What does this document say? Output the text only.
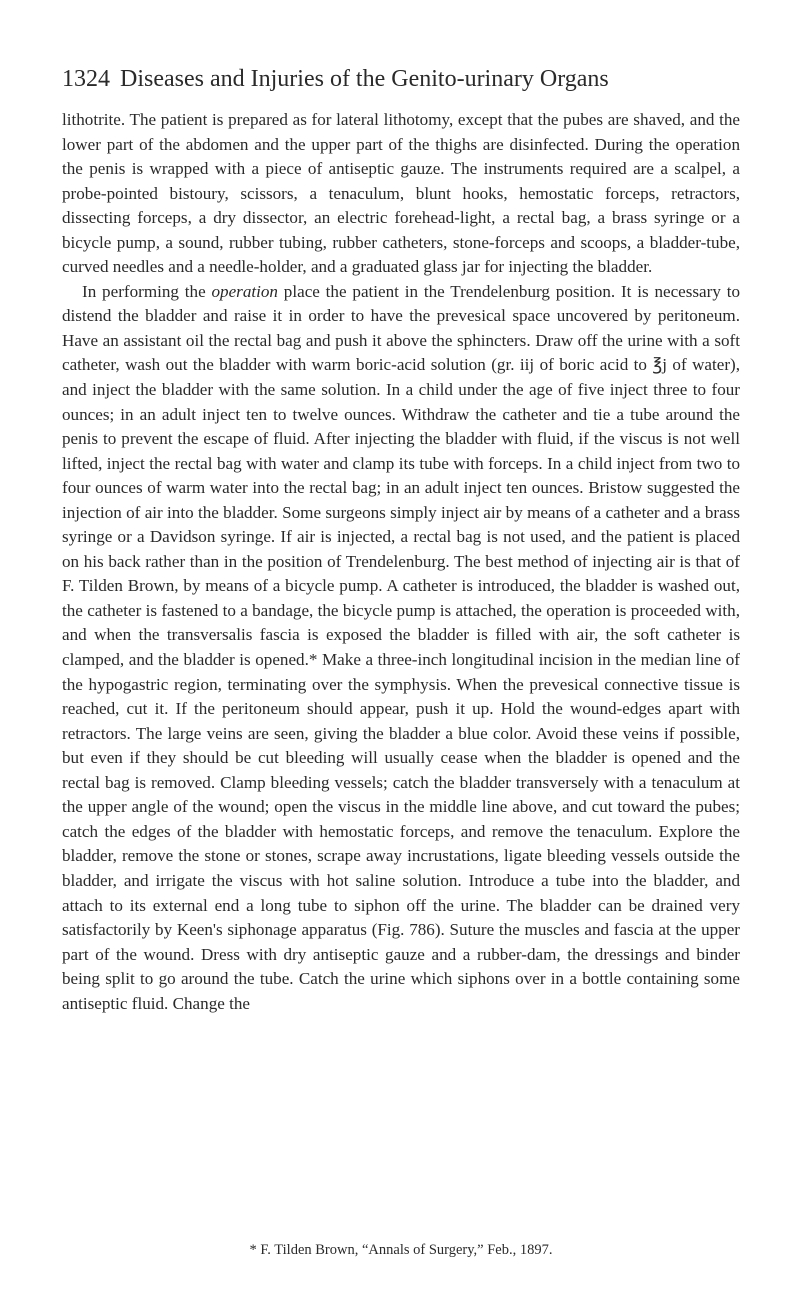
1324 Diseases and Injuries of the Genito-urinary Organs

lithotrite. The patient is prepared as for lateral lithotomy, except that the pubes are shaved, and the lower part of the abdomen and the upper part of the thighs are disinfected. During the operation the penis is wrapped with a piece of antiseptic gauze. The instruments required are a scalpel, a probe-pointed bistoury, scissors, a tenaculum, blunt hooks, hemostatic forceps, retractors, dissecting forceps, a dry dissector, an electric forehead-light, a rectal bag, a brass syringe or a bicycle pump, a sound, rubber tubing, rubber catheters, stone-forceps and scoops, a bladder-tube, curved needles and a needle-holder, and a graduated glass jar for injecting the bladder.

In performing the operation place the patient in the Trendelenburg position. It is necessary to distend the bladder and raise it in order to have the prevesical space uncovered by peritoneum. Have an assistant oil the rectal bag and push it above the sphincters. Draw off the urine with a soft catheter, wash out the bladder with warm boric-acid solution (gr. iij of boric acid to ℥j of water), and inject the bladder with the same solution. In a child under the age of five inject three to four ounces; in an adult inject ten to twelve ounces. Withdraw the catheter and tie a tube around the penis to prevent the escape of fluid. After injecting the bladder with fluid, if the viscus is not well lifted, inject the rectal bag with water and clamp its tube with forceps. In a child inject from two to four ounces of warm water into the rectal bag; in an adult inject ten ounces. Bristow suggested the injection of air into the bladder. Some surgeons simply inject air by means of a catheter and a brass syringe or a Davidson syringe. If air is injected, a rectal bag is not used, and the patient is placed on his back rather than in the position of Trendelenburg. The best method of injecting air is that of F. Tilden Brown, by means of a bicycle pump. A catheter is introduced, the bladder is washed out, the catheter is fastened to a bandage, the bicycle pump is attached, the operation is proceeded with, and when the transversalis fascia is exposed the bladder is filled with air, the soft catheter is clamped, and the bladder is opened.* Make a three-inch longitudinal incision in the median line of the hypogastric region, terminating over the symphysis. When the prevesical connective tissue is reached, cut it. If the peritoneum should appear, push it up. Hold the wound-edges apart with retractors. The large veins are seen, giving the bladder a blue color. Avoid these veins if possible, but even if they should be cut bleeding will usually cease when the bladder is opened and the rectal bag is removed. Clamp bleeding vessels; catch the bladder transversely with a tenaculum at the upper angle of the wound; open the viscus in the middle line above, and cut toward the pubes; catch the edges of the bladder with hemostatic forceps, and remove the tenaculum. Explore the bladder, remove the stone or stones, scrape away incrustations, ligate bleeding vessels outside the bladder, and irrigate the viscus with hot saline solution. Introduce a tube into the bladder, and attach to its external end a long tube to siphon off the urine. The bladder can be drained very satisfactorily by Keen's siphonage apparatus (Fig. 786). Suture the muscles and fascia at the upper part of the wound. Dress with dry antiseptic gauze and a rubber-dam, the dressings and binder being split to go around the tube. Catch the urine which siphons over in a bottle containing some antiseptic fluid. Change the

* F. Tilden Brown, “Annals of Surgery,” Feb., 1897.
